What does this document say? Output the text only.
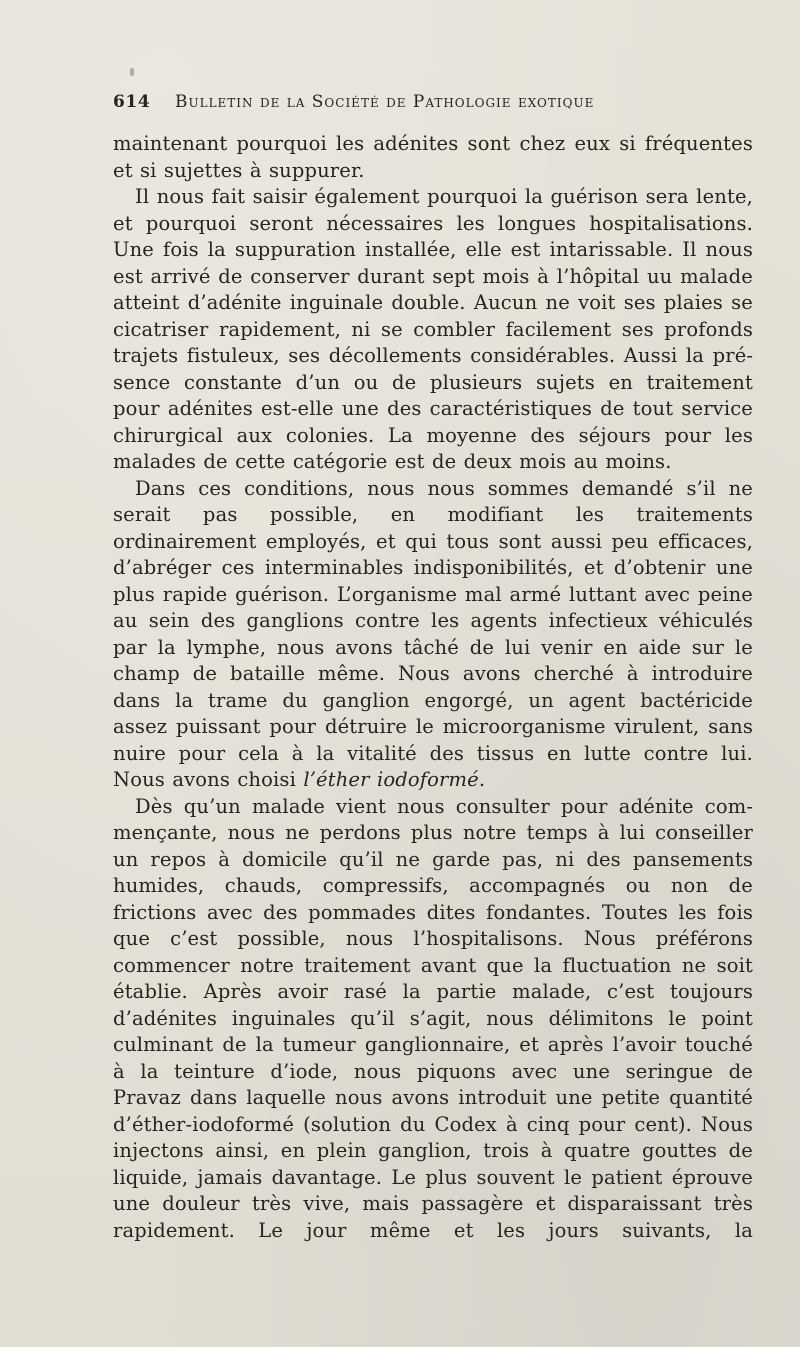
614 Bulletin de la Société de Pathologie exotique

maintenant pourquoi les adénites sont chez eux si fréquentes et si sujettes à suppurer.

Il nous fait saisir également pourquoi la guérison sera lente, et pourquoi seront nécessaires les longues hospitalisations. Une fois la suppuration installée, elle est intarissable. Il nous est arrivé de conserver durant sept mois à l’hôpital uu malade atteint d’adénite inguinale double. Aucun ne voit ses plaies se cicatriser rapidement, ni se combler facilement ses profonds trajets fistuleux, ses décollements considérables. Aussi la présence constante d’un ou de plusieurs sujets en traitement pour adénites est-elle une des caractéristiques de tout service chirurgical aux colonies. La moyenne des séjours pour les malades de cette catégorie est de deux mois au moins.

Dans ces conditions, nous nous sommes demandé s’il ne serait pas possible, en modifiant les traitements ordinairement employés, et qui tous sont aussi peu efficaces, d’abréger ces interminables indisponibilités, et d’obtenir une plus rapide guérison. L’organisme mal armé luttant avec peine au sein des ganglions contre les agents infectieux véhiculés par la lymphe, nous avons tâché de lui venir en aide sur le champ de bataille même. Nous avons cherché à introduire dans la trame du ganglion engorgé, un agent bactéricide assez puissant pour détruire le microorganisme virulent, sans nuire pour cela à la vitalité des tissus en lutte contre lui. Nous avons choisi l’éther iodoformé.

Dès qu’un malade vient nous consulter pour adénite commençante, nous ne perdons plus notre temps à lui conseiller un repos à domicile qu’il ne garde pas, ni des pansements humides, chauds, compressifs, accompagnés ou non de frictions avec des pommades dites fondantes. Toutes les fois que c’est possible, nous l’hospitalisons. Nous préférons commencer notre traitement avant que la fluctuation ne soit établie. Après avoir rasé la partie malade, c’est toujours d’adénites inguinales qu’il s’agit, nous délimitons le point culminant de la tumeur ganglionnaire, et après l’avoir touché à la teinture d’iode, nous piquons avec une seringue de Pravaz dans laquelle nous avons introduit une petite quantité d’éther-iodoformé (solution du Codex à cinq pour cent). Nous injectons ainsi, en plein ganglion, trois à quatre gouttes de liquide, jamais davantage. Le plus souvent le patient éprouve une douleur très vive, mais passagère et disparaissant très rapidement. Le jour même et les jours suivants, la
